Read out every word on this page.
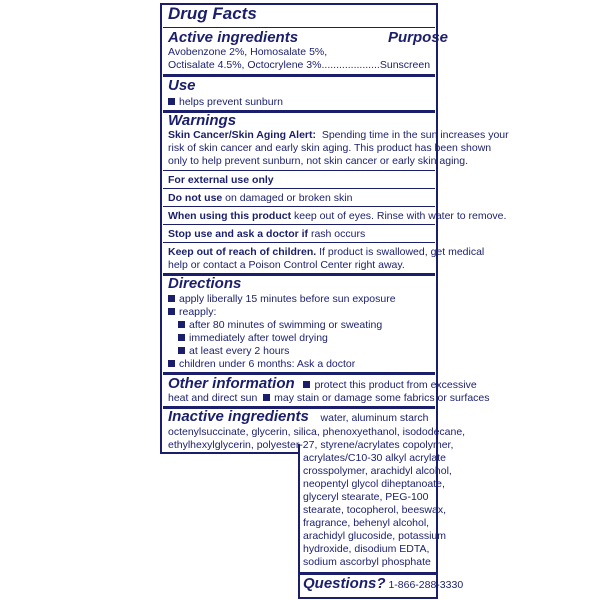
Drug Facts
Active ingredients	Purpose
Avobenzone 2%, Homosalate 5%,
Octisalate 4.5%, Octocrylene 3%....................Sunscreen
Use
helps prevent sunburn
Warnings
Skin Cancer/Skin Aging Alert: Spending time in the sun increases your
risk of skin cancer and early skin aging. This product has been shown
only to help prevent sunburn, not skin cancer or early skin aging.
For external use only
Do not use on damaged or broken skin
When using this product keep out of eyes. Rinse with water to remove.
Stop use and ask a doctor if rash occurs
Keep out of reach of children. If product is swallowed, get medical
help or contact a Poison Control Center right away.
Directions
apply liberally 15 minutes before sun exposure
reapply:
after 80 minutes of swimming or sweating
immediately after towel drying
at least every 2 hours
children under 6 months: Ask a doctor
Other information protect this product from excessive
heat and direct sun may stain or damage some fabrics or surfaces
Inactive ingredients water, aluminum starch
octenylsuccinate, glycerin, silica, phenoxyethanol, isododecane,
ethylhexylglycerin, polyester-27, styrene/acrylates copolymer,
acrylates/C10-30 alkyl acrylate
crosspolymer, arachidyl alcohol,
neopentyl glycol diheptanoate,
glyceryl stearate, PEG-100
stearate, tocopherol, beeswax,
fragrance, behenyl alcohol,
arachidyl glucoside, potassium
hydroxide, disodium EDTA,
sodium ascorbyl phosphate
Questions? 1-866-288-3330
